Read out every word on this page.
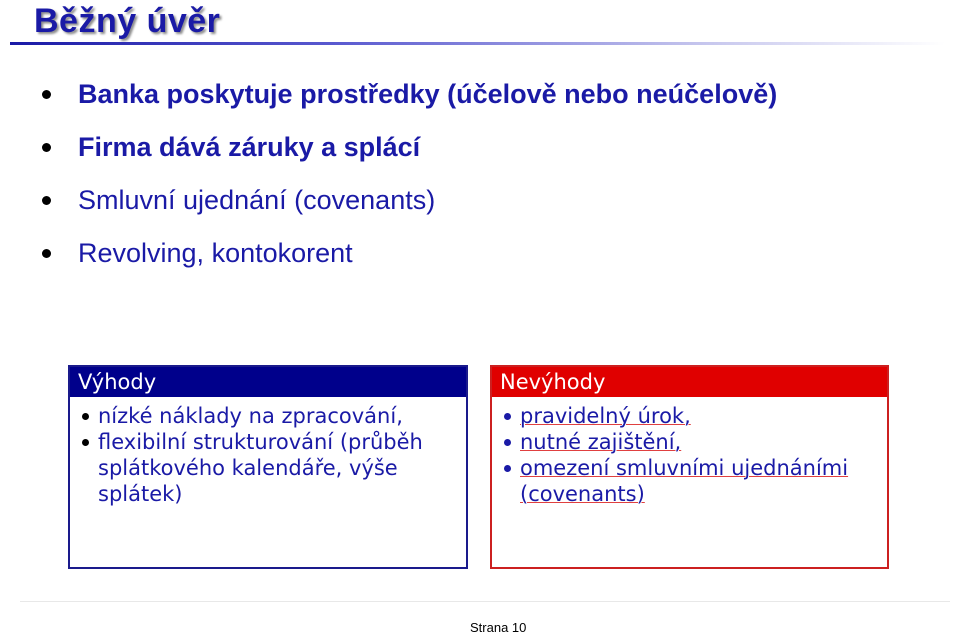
Běžný úvěr
Banka poskytuje prostředky (účelově nebo neúčelově)
Firma dává záruky a splácí
Smluvní ujednání (covenants)
Revolving, kontokorent
Výhody
nízké náklady na zpracování,
flexibilní strukturování (průběh splátkového kalendáře, výše splátek)
Nevýhody
pravidelný úrok,
nutné zajištění,
omezení smluvními ujednáními (covenants)
Strana 10
